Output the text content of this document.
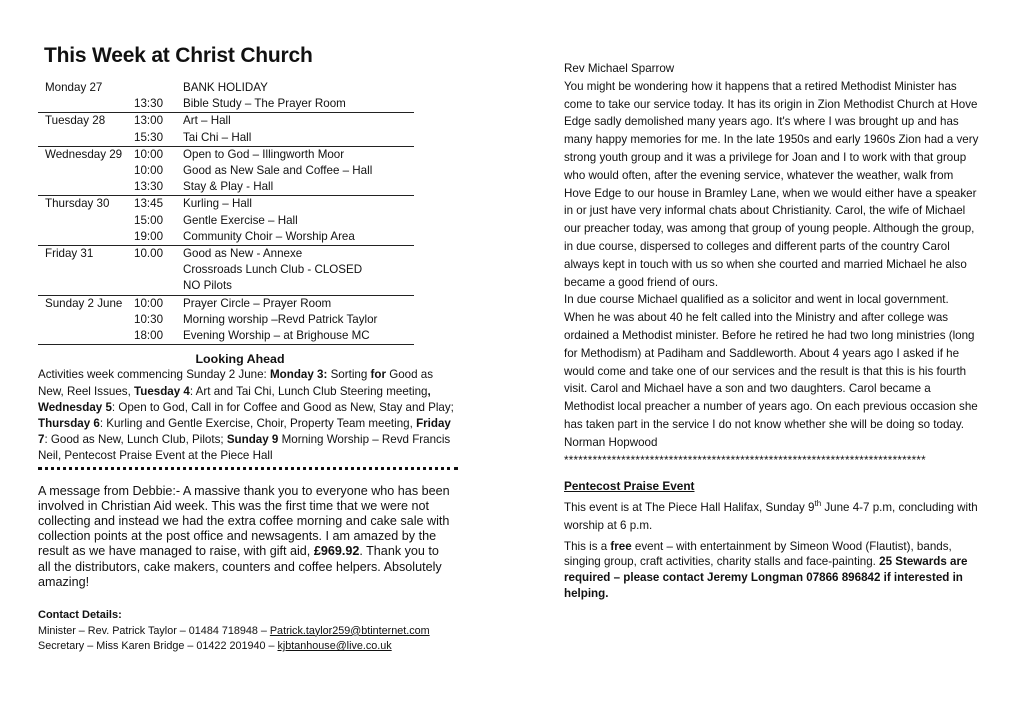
This Week at Christ Church
Monday 27		BANK HOLIDAY
	13:30	Bible Study – The Prayer Room
Tuesday 28	13:00	Art – Hall
	15:30	Tai Chi – Hall
Wednesday 29	10:00	Open to God – Illingworth Moor
	10:00	Good as New Sale and Coffee – Hall
	13:30	Stay & Play - Hall
Thursday 30	13:45	Kurling – Hall
	15:00	Gentle Exercise – Hall
	19:00	Community Choir – Worship Area
Friday 31	10.00	Good as New - Annexe
		Crossroads Lunch Club - CLOSED
		NO Pilots
Sunday 2 June	10:00	Prayer Circle – Prayer Room
	10:30	Morning worship –Revd Patrick Taylor
	18:00	Evening Worship – at Brighouse MC
Looking Ahead

Activities week commencing Sunday 2 June: Monday 3: Sorting for Good as New, Reel Issues, Tuesday 4: Art and Tai Chi, Lunch Club Steering meeting, Wednesday 5: Open to God, Call in for Coffee and Good as New, Stay and Play; Thursday 6: Kurling and Gentle Exercise, Choir, Property Team meeting, Friday 7: Good as New, Lunch Club, Pilots; Sunday 9 Morning Worship – Revd Francis Neil, Pentecost Praise Event at the Piece Hall

A message from Debbie:- A massive thank you to everyone who has been involved in Christian Aid week. This was the first time that we were not collecting and instead we had the extra coffee morning and cake sale with collection points at the post office and newsagents. I am amazed by the result as we have managed to raise, with gift aid, £969.92. Thank you to all the distributors, cake makers, counters and coffee helpers. Absolutely amazing!
Contact Details:
Minister – Rev. Patrick Taylor – 01484 718948 – Patrick.taylor259@btinternet.com
Secretary – Miss Karen Bridge – 01422 201940 – kjbtanhouse@live.co.uk

Rev Michael Sparrow

You might be wondering how it happens that a retired Methodist Minister has come to take our service today. It has its origin in Zion Methodist Church at Hove Edge sadly demolished many years ago. It's where I was brought up and has many happy memories for me. In the late 1950s and early 1960s Zion had a very strong youth group and it was a privilege for Joan and I to work with that group who would often, after the evening service, whatever the weather, walk from Hove Edge to our house in Bramley Lane, when we would either have a speaker in or just have very informal chats about Christianity. Carol, the wife of Michael our preacher today, was among that group of young people. Although the group, in due course, dispersed to colleges and different parts of the country Carol always kept in touch with us so when she courted and married Michael he also became a good friend of ours.

In due course Michael qualified as a solicitor and went in local government. When he was about 40 he felt called into the Ministry and after college was ordained a Methodist minister. Before he retired he had two long ministries (long for Methodism) at Padiham and Saddleworth. About 4 years ago I asked if he would come and take one of our services and the result is that this is his fourth visit. Carol and Michael have a son and two daughters. Carol became a Methodist local preacher a number of years ago. On each previous occasion she has taken part in the service I do not know whether she will be doing so today.

Norman Hopwood

****************************************************************************
Pentecost Praise Event

This event is at The Piece Hall Halifax, Sunday 9th June 4-7 p.m, concluding with worship at 6 p.m.

This is a free event – with entertainment by Simeon Wood (Flautist), bands, singing group, craft activities, charity stalls and face-painting. 25 Stewards are required – please contact Jeremy Longman 07866 896842 if interested in helping.
